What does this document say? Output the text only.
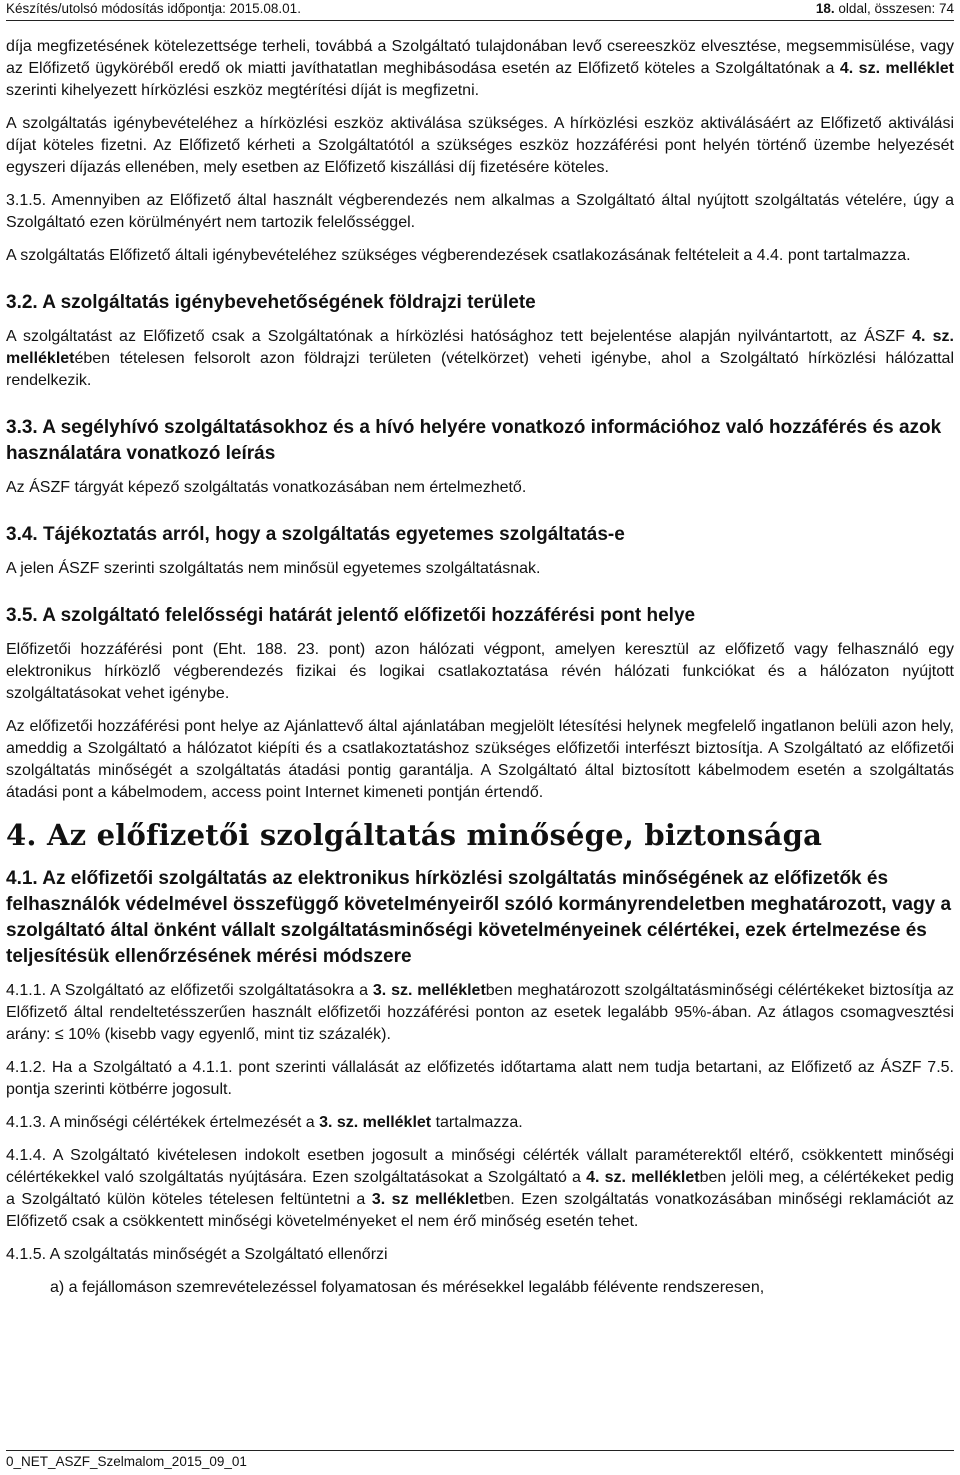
Készítés/utolsó módosítás időpontja: 2015.08.01.	18. oldal, összesen: 74

díja megfizetésének kötelezettsége terheli, továbbá a Szolgáltató tulajdonában levő csereeszköz elvesztése, megsemmisülése, vagy az Előfizető ügyköréből eredő ok miatti javíthatatlan meghibásodása esetén az Előfizető köteles a Szolgáltatónak a 4. sz. melléklet szerinti kihelyezett hírközlési eszköz megtérítési díját is megfizetni.

A szolgáltatás igénybevételéhez a hírközlési eszköz aktiválása szükséges. A hírközlési eszköz aktiválásáért az Előfizető aktiválási díjat köteles fizetni. Az Előfizető kérheti a Szolgáltatótól a szükséges eszköz hozzáférési pont helyén történő üzembe helyezését egyszeri díjazás ellenében, mely esetben az Előfizető kiszállási díj fizetésére köteles.

3.1.5. Amennyiben az Előfizető által használt végberendezés nem alkalmas a Szolgáltató által nyújtott szolgáltatás vételére, úgy a Szolgáltató ezen körülményért nem tartozik felelősséggel.

A szolgáltatás Előfizető általi igénybevételéhez szükséges végberendezések csatlakozásának feltételeit a 4.4. pont tartalmazza.

3.2. A szolgáltatás igénybevehetőségének földrajzi területe

A szolgáltatást az Előfizető csak a Szolgáltatónak a hírközlési hatósághoz tett bejelentése alapján nyilvántartott, az ÁSZF 4. sz. mellékletében tételesen felsorolt azon földrajzi területen (vételkörzet) veheti igénybe, ahol a Szolgáltató hírközlési hálózattal rendelkezik.

3.3. A segélyhívó szolgáltatásokhoz és a hívó helyére vonatkozó információhoz való hozzáférés és azok használatára vonatkozó leírás

Az ÁSZF tárgyát képező szolgáltatás vonatkozásában nem értelmezhető.

3.4. Tájékoztatás arról, hogy a szolgáltatás egyetemes szolgáltatás-e

A jelen ÁSZF szerinti szolgáltatás nem minősül egyetemes szolgáltatásnak.

3.5. A szolgáltató felelősségi határát jelentő előfizetői hozzáférési pont helye

Előfizetői hozzáférési pont (Eht. 188. 23. pont) azon hálózati végpont, amelyen keresztül az előfizető vagy felhasználó egy elektronikus hírközlő végberendezés fizikai és logikai csatlakoztatása révén hálózati funkciókat és a hálózaton nyújtott szolgáltatásokat vehet igénybe.

Az előfizetői hozzáférési pont helye az Ajánlattevő által ajánlatában megjelölt létesítési helynek megfelelő ingatlanon belüli azon hely, ameddig a Szolgáltató a hálózatot kiépíti és a csatlakoztatáshoz szükséges előfizetői interfészt biztosítja. A Szolgáltató az előfizetői szolgáltatás minőségét a szolgáltatás átadási pontig garantálja. A Szolgáltató által biztosított kábelmodem esetén a szolgáltatás átadási pont a kábelmodem, access point Internet kimeneti pontján értendő.

4. Az előfizetői szolgáltatás minősége, biztonsága
4.1. Az előfizetői szolgáltatás az elektronikus hírközlési szolgáltatás minőségének az előfizetők és felhasználók védelmével összefüggő követelményeiről szóló kormányrendeletben meghatározott, vagy a szolgáltató által önként vállalt szolgáltatásminőségi követelményeinek célértékei, ezek értelmezése és teljesítésük ellenőrzésének mérési módszere

4.1.1. A Szolgáltató az előfizetői szolgáltatásokra a 3. sz. mellékletben meghatározott szolgáltatásminőségi célértékeket biztosítja az Előfizető által rendeltetésszerűen használt előfizetői hozzáférési ponton az esetek legalább 95%-ában. Az átlagos csomagvesztési arány: ≤ 10% (kisebb vagy egyenlő, mint tiz százalék).

4.1.2. Ha a Szolgáltató a 4.1.1. pont szerinti vállalását az előfizetés időtartama alatt nem tudja betartani, az Előfizető az ÁSZF 7.5. pontja szerinti kötbérre jogosult.

4.1.3. A minőségi célértékek értelmezését a 3. sz. melléklet tartalmazza.

4.1.4. A Szolgáltató kivételesen indokolt esetben jogosult a minőségi célérték vállalt paraméterektől eltérő, csökkentett minőségi célértékekkel való szolgáltatás nyújtására. Ezen szolgáltatásokat a Szolgáltató a 4. sz. mellékletben jelöli meg, a célértékeket pedig a Szolgáltató külön köteles tételesen feltüntetni a 3. sz mellékletben. Ezen szolgáltatás vonatkozásában minőségi reklamációt az Előfizető csak a csökkentett minőségi követelményeket el nem érő minőség esetén tehet.

4.1.5. A szolgáltatás minőségét a Szolgáltató ellenőrzi

a) a fejállomáson szemrevételezéssel folyamatosan és mérésekkel legalább félévente rendszeresen,

0_NET_ASZF_Szelmalom_2015_09_01
